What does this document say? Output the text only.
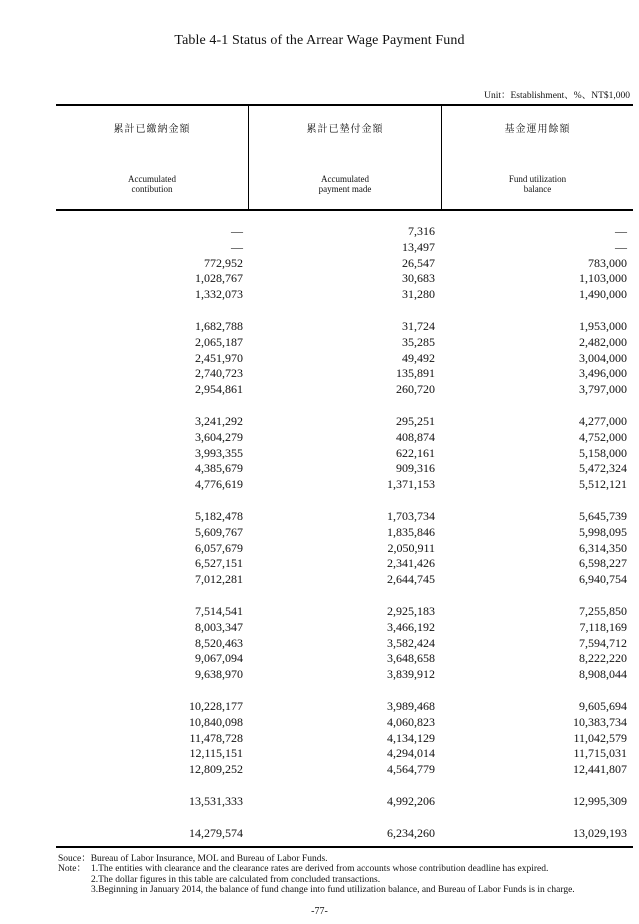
Table 4-1 Status of the Arrear Wage Payment Fund
Unit：Establishment、%、NT$1,000
累計已繳納金額
Accumulated
contibution
累計已墊付金額
Accumulated
payment made
基金運用餘額
Fund utilization
balance
—	7,316	—
—	13,497	—
772,952	26,547	783,000
1,028,767	30,683	1,103,000
1,332,073	31,280	1,490,000
1,682,788	31,724	1,953,000
2,065,187	35,285	2,482,000
2,451,970	49,492	3,004,000
2,740,723	135,891	3,496,000
2,954,861	260,720	3,797,000
3,241,292	295,251	4,277,000
3,604,279	408,874	4,752,000
3,993,355	622,161	5,158,000
4,385,679	909,316	5,472,324
4,776,619	1,371,153	5,512,121
5,182,478	1,703,734	5,645,739
5,609,767	1,835,846	5,998,095
6,057,679	2,050,911	6,314,350
6,527,151	2,341,426	6,598,227
7,012,281	2,644,745	6,940,754
7,514,541	2,925,183	7,255,850
8,003,347	3,466,192	7,118,169
8,520,463	3,582,424	7,594,712
9,067,094	3,648,658	8,222,220
9,638,970	3,839,912	8,908,044
10,228,177	3,989,468	9,605,694
10,840,098	4,060,823	10,383,734
11,478,728	4,134,129	11,042,579
12,115,151	4,294,014	11,715,031
12,809,252	4,564,779	12,441,807
13,531,333	4,992,206	12,995,309
14,279,574	6,234,260	13,029,193
Souce：Bureau of Labor Insurance, MOL and Bureau of Labor Funds.
Note： 1.The entities with clearance and the clearance rates are derived from accounts whose contribution deadline has expired.
2.The dollar figures in this table are calculated from concluded transactions.
3.Beginning in January 2014, the balance of fund change into fund utilization balance, and Bureau of Labor Funds is in charge.
-77-
